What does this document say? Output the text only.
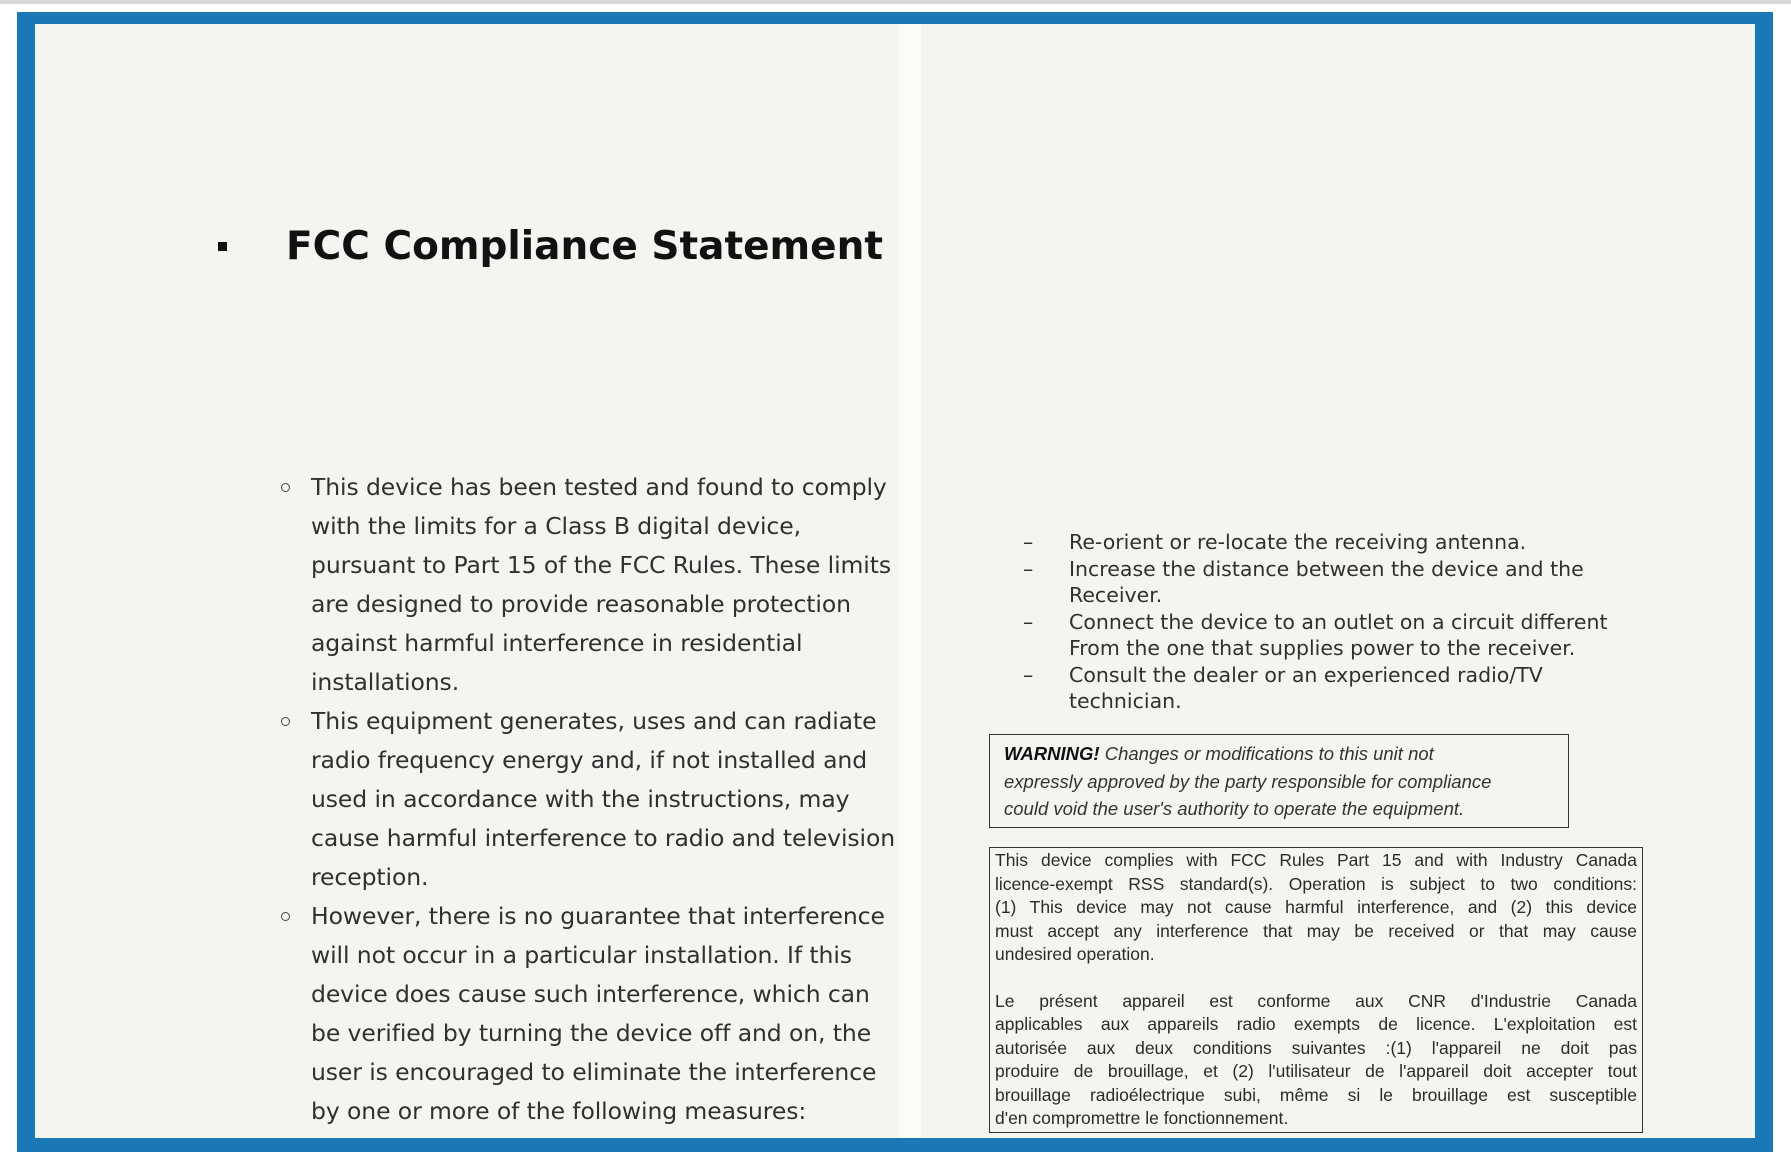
FCC Compliance Statement
This device has been tested and found to comply
with the limits for a Class B digital device,
pursuant to Part 15 of the FCC Rules. These limits
are designed to provide reasonable protection
against harmful interference in residential
installations.
This equipment generates, uses and can radiate
radio frequency energy and, if not installed and
used in accordance with the instructions, may
cause harmful interference to radio and television
reception.
However, there is no guarantee that interference
will not occur in a particular installation. If this
device does cause such interference, which can
be verified by turning the device off and on, the
user is encouraged to eliminate the interference
by one or more of the following measures:
–	Re-orient or re-locate the receiving antenna.
–	Increase the distance between the device and the
Receiver.
–	Connect the device to an outlet on a circuit different
From the one that supplies power to the receiver.
–	Consult the dealer or an experienced radio/TV
technician.
WARNING! Changes or modifications to this unit not
expressly approved by the party responsible for compliance
could void the user's authority to operate the equipment.
This device complies with FCC Rules Part 15 and with Industry Canada
licence-exempt RSS standard(s). Operation is subject to two conditions:
(1) This device may not cause harmful interference, and (2) this device
must accept any interference that may be received or that may cause
undesired operation.
Le présent appareil est conforme aux CNR d'Industrie Canada
applicables aux appareils radio exempts de licence. L'exploitation est
autorisée aux deux conditions suivantes :(1) l'appareil ne doit pas
produire de brouillage, et (2) l'utilisateur de l'appareil doit accepter tout
brouillage radioélectrique subi, même si le brouillage est susceptible
d'en compromettre le fonctionnement.
